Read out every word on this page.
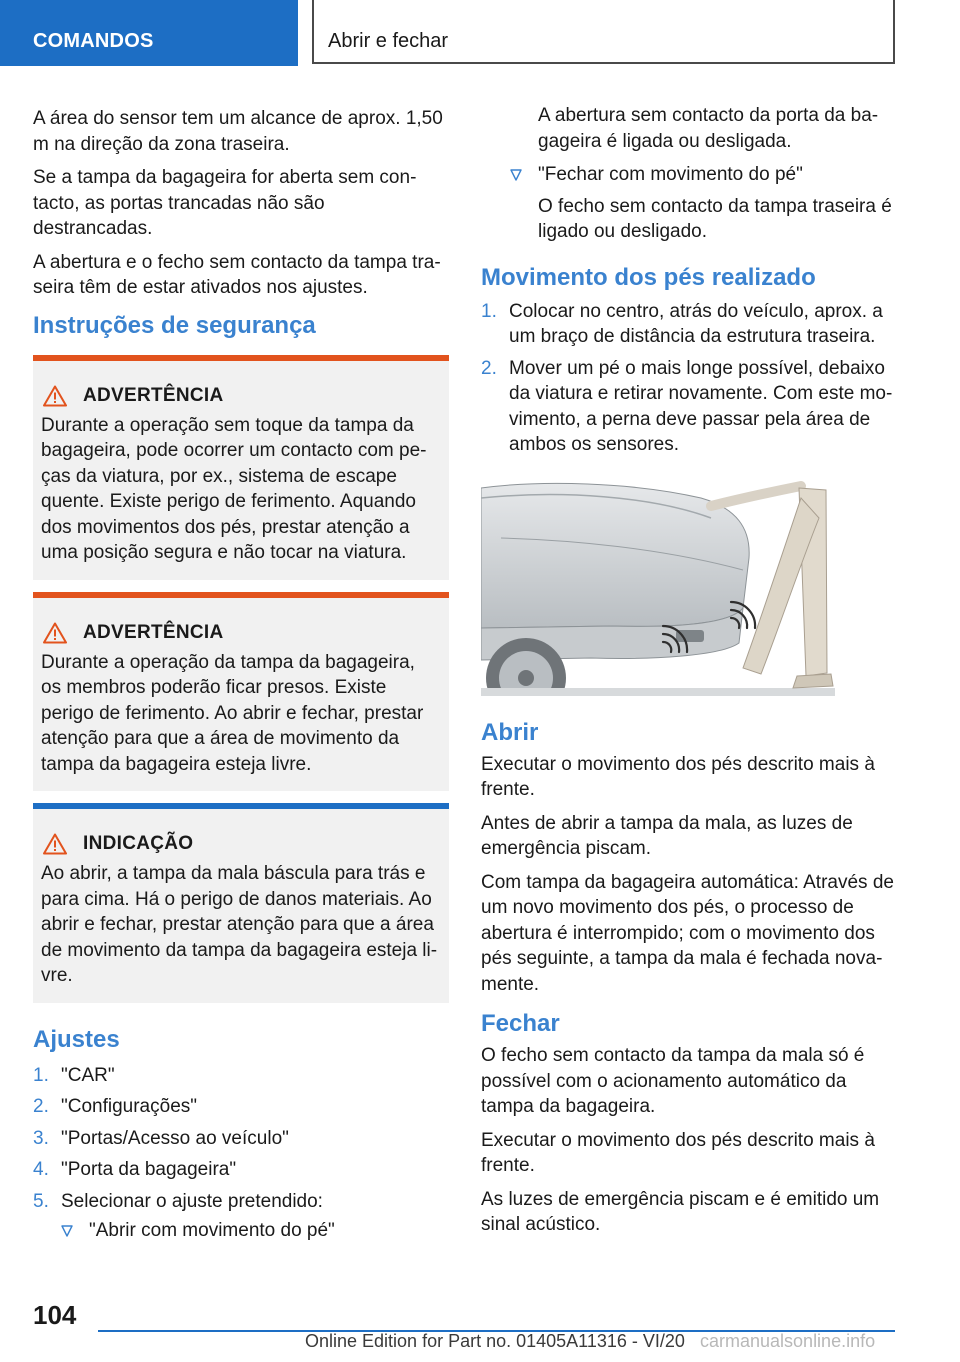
COMANDOS	Abrir e fechar

A área do sensor tem um alcance de aprox. 1,50 m na direção da zona traseira.

Se a tampa da bagageira for aberta sem contacto, as portas trancadas não são destrancadas.

A abertura e o fecho sem contacto da tampa traseira têm de estar ativados nos ajustes.

Instruções de segurança
ADVERTÊNCIA

Durante a operação sem toque da tampa da bagageira, pode ocorrer um contacto com peças da viatura, por ex., sistema de escape quente. Existe perigo de ferimento. Aquando dos movimentos dos pés, prestar atenção a uma posição segura e não tocar na viatura.

ADVERTÊNCIA

Durante a operação da tampa da bagageira, os membros poderão ficar presos. Existe perigo de ferimento. Ao abrir e fechar, prestar atenção para que a área de movimento da tampa da bagageira esteja livre.

INDICAÇÃO

Ao abrir, a tampa da mala báscula para trás e para cima. Há o perigo de danos materiais. Ao abrir e fechar, prestar atenção para que a área de movimento da tampa da bagageira esteja livre.

Ajustes
1. "CAR"
2. "Configurações"
3. "Portas/Acesso ao veículo"
4. "Porta da bagageira"
5. Selecionar o ajuste pretendido:
"Abrir com movimento do pé"

A abertura sem contacto da porta da bagageira é ligada ou desligada.

"Fechar com movimento do pé"

O fecho sem contacto da tampa traseira é ligado ou desligado.

Movimento dos pés realizado
1. Colocar no centro, atrás do veículo, aprox. a um braço de distância da estrutura traseira.
2. Mover um pé o mais longe possível, debaixo da viatura e retirar novamente. Com este movimento, a perna deve passar pela área de ambos os sensores.
Abrir

Executar o movimento dos pés descrito mais à frente.

Antes de abrir a tampa da mala, as luzes de emergência piscam.

Com tampa da bagageira automática: Através de um novo movimento dos pés, o processo de abertura é interrompido; com o movimento dos pés seguinte, a tampa da mala é fechada novamente.

Fechar

O fecho sem contacto da tampa da mala só é possível com o acionamento automático da tampa da bagageira.

Executar o movimento dos pés descrito mais à frente.

As luzes de emergência piscam e é emitido um sinal acústico.

104
Online Edition for Part no. 01405A11316 - VI/20 carmanualsonline.info
